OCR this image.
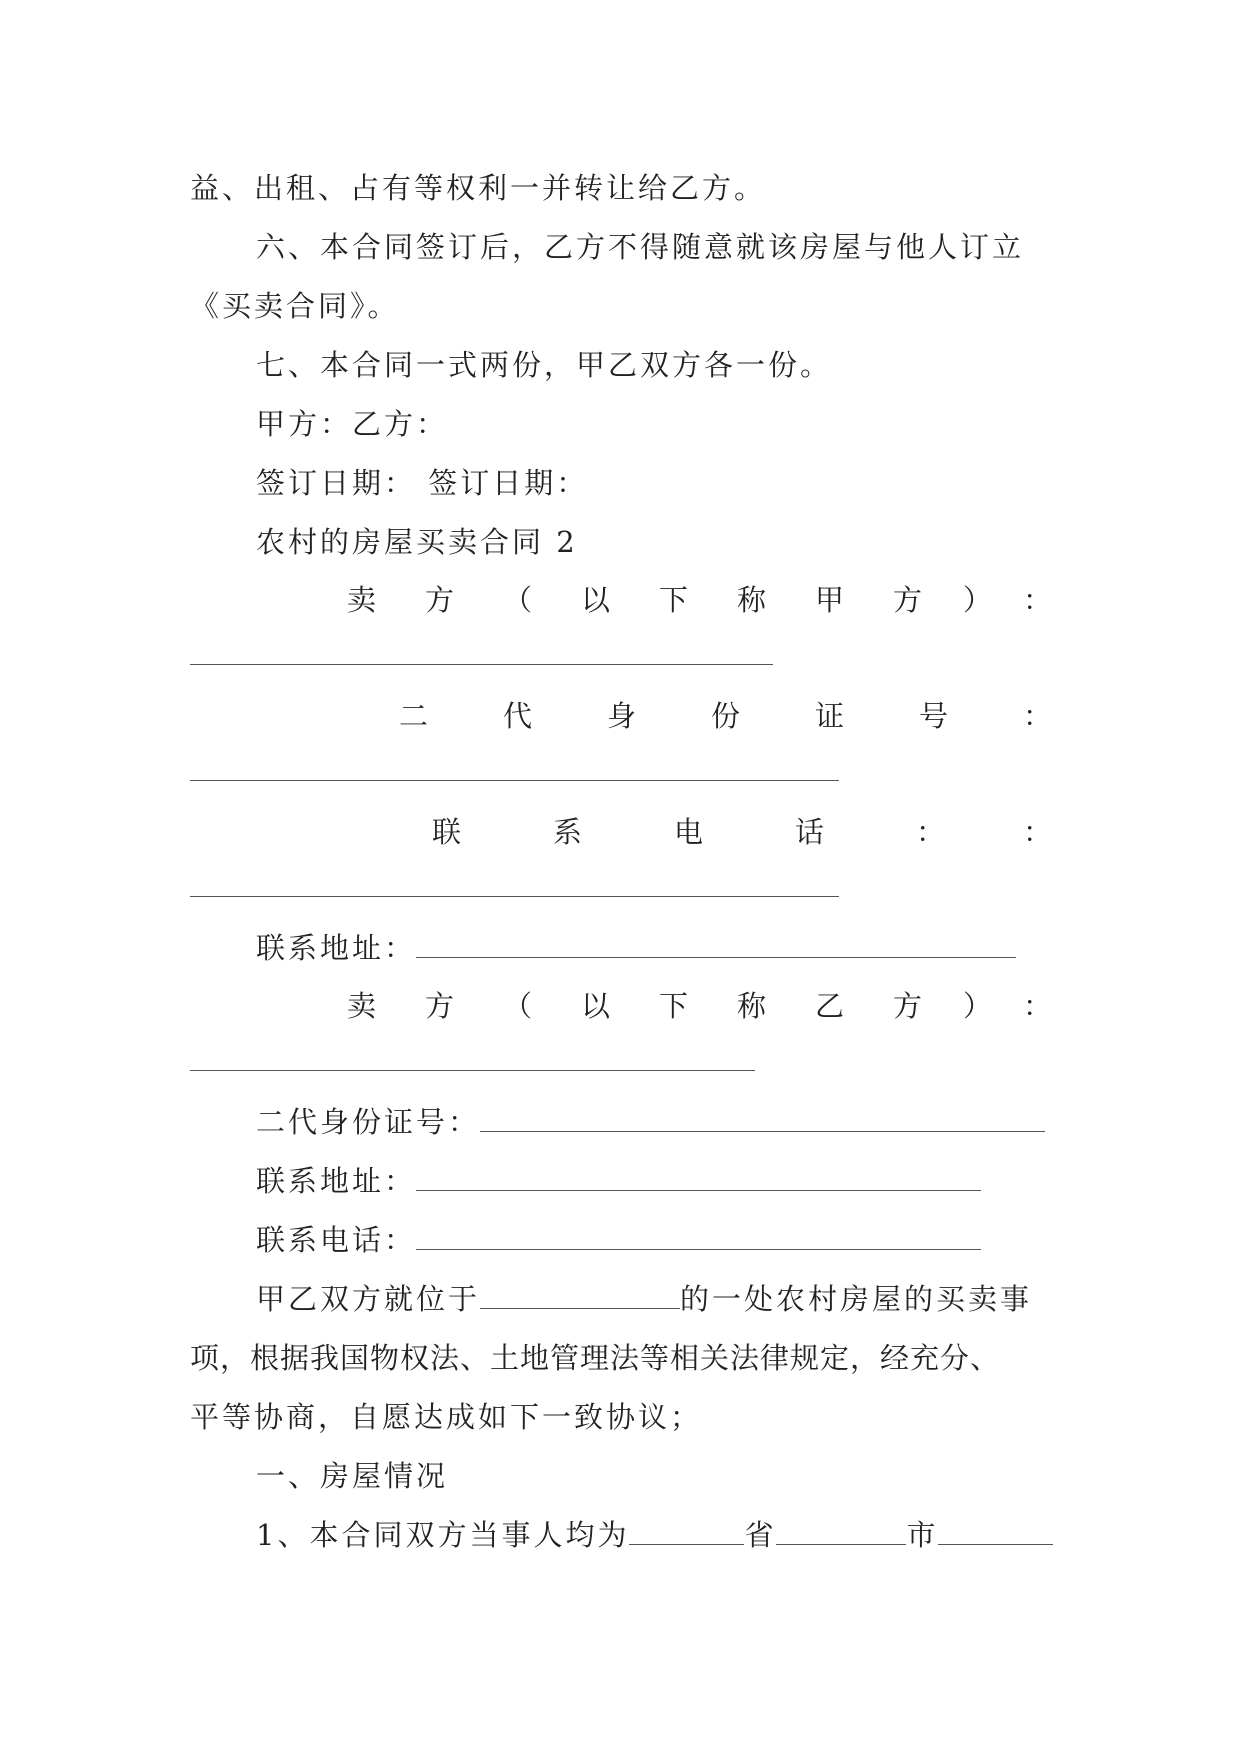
益、出租、占有等权利一并转让给乙方。
六、本合同签订后，乙方不得随意就该房屋与他人订立
《买卖合同》。
七、本合同一式两份，甲乙双方各一份。
甲方：乙方：
签订日期： 签订日期：
农村的房屋买卖合同 2
卖 方 （ 以 下 称 甲 方 ） ：
二	代	身	份	证	号	：
联	系	电	话	：	：
联系地址：
卖 方 （ 以 下 称 乙 方 ） ：
二代身份证号：
联系地址：
联系电话：
甲乙双方就位于	的一处农村房屋的买卖事
项，根据我国物权法、土地管理法等相关法律规定，经充分、
平等协商，自愿达成如下一致协议；
一、房屋情况
1、本合同双方当事人均为	省	市
